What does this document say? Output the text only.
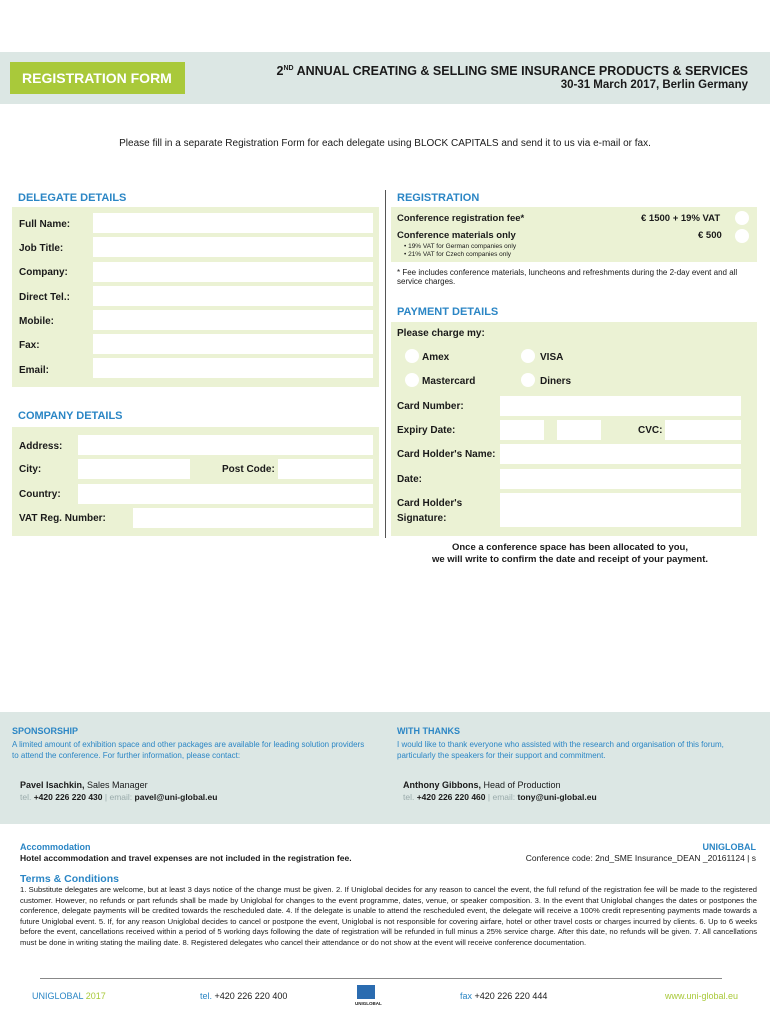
REGISTRATION FORM	2ND ANNUAL CREATING & SELLING SME INSURANCE PRODUCTS & SERVICES
30-31 March 2017, Berlin Germany
Please fill in a separate Registration Form for each delegate using BLOCK CAPITALS and send it to us via e-mail or fax.
DELEGATE DETAILS
Full Name:
Job Title:
Company:
Direct Tel.:
Mobile:
Fax:
Email:
COMPANY DETAILS
Address:
City:	Post Code:
Country:
VAT Reg. Number:
REGISTRATION
Conference registration fee*	€ 1500 + 19% VAT
Conference materials only	€ 500
• 19% VAT for German companies only
• 21% VAT for Czech companies only
* Fee includes conference materials, luncheons and refreshments during the 2-day event and all service charges.
PAYMENT DETAILS
Please charge my:
Amex	VISA
Mastercard	Diners
Card Number:
Expiry Date:	CVC:
Card Holder's Name:
Date:
Card Holder's
Signature:
Once a conference space has been allocated to you,
we will write to confirm the date and receipt of your payment.
SPONSORSHIP
A limited amount of exhibition space and other packages are available for leading solution providers to attend the conference. For further information, please contact:
Pavel Isachkin, Sales Manager
tel. +420 226 220 430 | email: pavel@uni-global.eu
WITH THANKS
I would like to thank everyone who assisted with the research and organisation of this forum, particularly the speakers for their support and commitment.
Anthony Gibbons, Head of Production
tel. +420 226 220 460 | email: tony@uni-global.eu
Accommodation
Hotel accommodation and travel expenses are not included in the registration fee.
UNIGLOBAL
Conference code: 2nd_SME Insurance_DEAN _20161124 | s
Terms & Conditions
1. Substitute delegates are welcome, but at least 3 days notice of the change must be given. 2. If Uniglobal decides for any reason to cancel the event, the full refund of the registration fee will be made to the registered customer. However, no refunds or part refunds shall be made by Uniglobal for changes to the event programme, dates, venue, or speaker composition. 3. In the event that Uniglobal changes the dates or postpones the conference, delegate payments will be credited towards the rescheduled date. 4. If the delegate is unable to attend the rescheduled event, the delegate will receive a 100% credit representing payments made towards a future Uniglobal event. 5. If, for any reason Uniglobal decides to cancel or postpone the event, Uniglobal is not responsible for covering airfare, hotel or other travel costs or charges incurred by clients. 6. Up to 6 weeks before the event, cancellations received within a period of 5 working days following the date of registration will be refunded in full minus a 25% service charge. After this date, no refunds will be given. 7. All cancellations must be done in writing stating the mailing date. 8. Registered delegates who cancel their attendance or do not show at the event will receive conference documentation.
UNIGLOBAL 2017	tel. +420 226 220 400
UNIGLOBAL
fax +420 226 220 444	www.uni-global.eu
